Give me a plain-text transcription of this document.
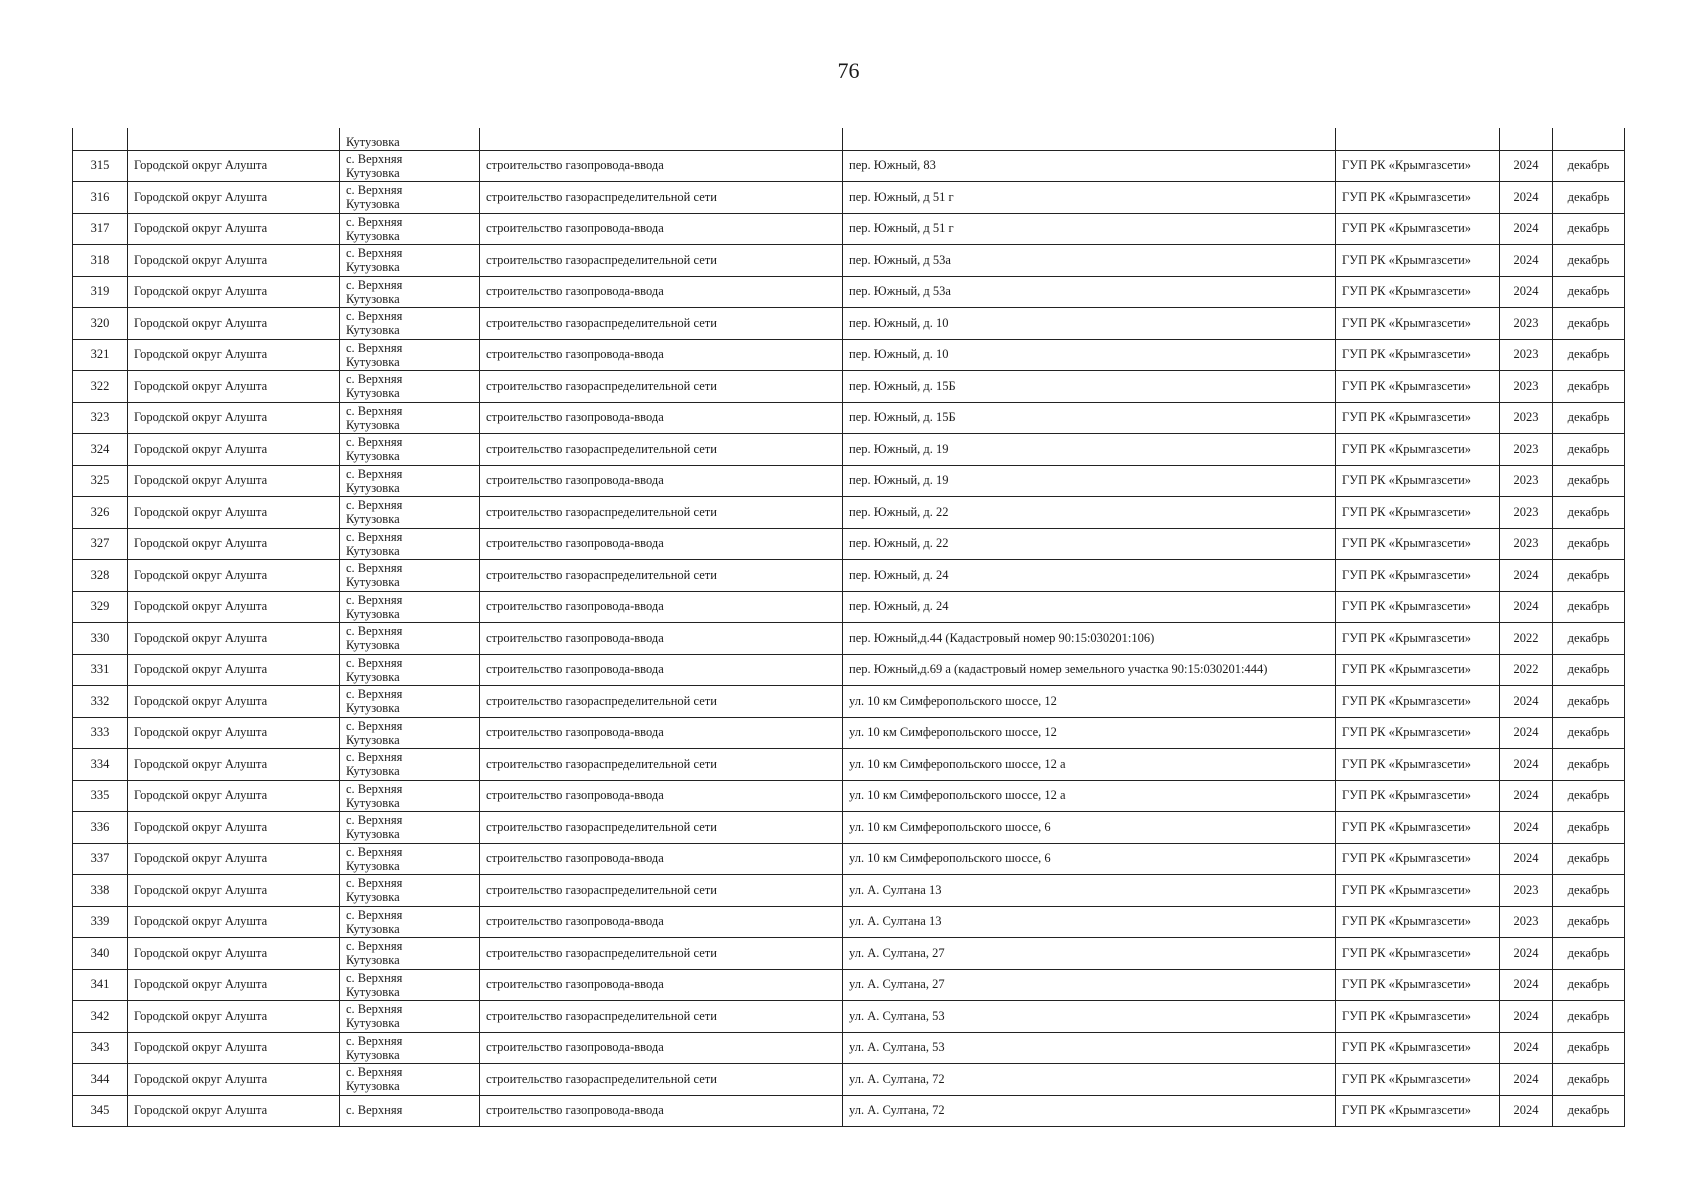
76
		Кутузовка					
315	Городской округ Алушта	с. Верхняя
Кутузовка	строительство газопровода-ввода	пер. Южный, 83	ГУП РК «Крымгазсети»	2024	декабрь
316	Городской округ Алушта	с. Верхняя
Кутузовка	строительство газораспределительной сети	пер. Южный, д 51 г	ГУП РК «Крымгазсети»	2024	декабрь
317	Городской округ Алушта	с. Верхняя
Кутузовка	строительство газопровода-ввода	пер. Южный, д 51 г	ГУП РК «Крымгазсети»	2024	декабрь
318	Городской округ Алушта	с. Верхняя
Кутузовка	строительство газораспределительной сети	пер. Южный, д 53а	ГУП РК «Крымгазсети»	2024	декабрь
319	Городской округ Алушта	с. Верхняя
Кутузовка	строительство газопровода-ввода	пер. Южный, д 53а	ГУП РК «Крымгазсети»	2024	декабрь
320	Городской округ Алушта	с. Верхняя
Кутузовка	строительство газораспределительной сети	пер. Южный, д. 10	ГУП РК «Крымгазсети»	2023	декабрь
321	Городской округ Алушта	с. Верхняя
Кутузовка	строительство газопровода-ввода	пер. Южный, д. 10	ГУП РК «Крымгазсети»	2023	декабрь
322	Городской округ Алушта	с. Верхняя
Кутузовка	строительство газораспределительной сети	пер. Южный, д. 15Б	ГУП РК «Крымгазсети»	2023	декабрь
323	Городской округ Алушта	с. Верхняя
Кутузовка	строительство газопровода-ввода	пер. Южный, д. 15Б	ГУП РК «Крымгазсети»	2023	декабрь
324	Городской округ Алушта	с. Верхняя
Кутузовка	строительство газораспределительной сети	пер. Южный, д. 19	ГУП РК «Крымгазсети»	2023	декабрь
325	Городской округ Алушта	с. Верхняя
Кутузовка	строительство газопровода-ввода	пер. Южный, д. 19	ГУП РК «Крымгазсети»	2023	декабрь
326	Городской округ Алушта	с. Верхняя
Кутузовка	строительство газораспределительной сети	пер. Южный, д. 22	ГУП РК «Крымгазсети»	2023	декабрь
327	Городской округ Алушта	с. Верхняя
Кутузовка	строительство газопровода-ввода	пер. Южный, д. 22	ГУП РК «Крымгазсети»	2023	декабрь
328	Городской округ Алушта	с. Верхняя
Кутузовка	строительство газораспределительной сети	пер. Южный, д. 24	ГУП РК «Крымгазсети»	2024	декабрь
329	Городской округ Алушта	с. Верхняя
Кутузовка	строительство газопровода-ввода	пер. Южный, д. 24	ГУП РК «Крымгазсети»	2024	декабрь
330	Городской округ Алушта	с. Верхняя
Кутузовка	строительство газопровода-ввода	пер. Южный,д.44 (Кадастровый номер 90:15:030201:106)	ГУП РК «Крымгазсети»	2022	декабрь
331	Городской округ Алушта	с. Верхняя
Кутузовка	строительство газопровода-ввода	пер. Южный,д.69 а (кадастровый номер земельного участка 90:15:030201:444)	ГУП РК «Крымгазсети»	2022	декабрь
332	Городской округ Алушта	с. Верхняя
Кутузовка	строительство газораспределительной сети	ул. 10 км Симферопольского шоссе, 12	ГУП РК «Крымгазсети»	2024	декабрь
333	Городской округ Алушта	с. Верхняя
Кутузовка	строительство газопровода-ввода	ул. 10 км Симферопольского шоссе, 12	ГУП РК «Крымгазсети»	2024	декабрь
334	Городской округ Алушта	с. Верхняя
Кутузовка	строительство газораспределительной сети	ул. 10 км Симферопольского шоссе, 12 а	ГУП РК «Крымгазсети»	2024	декабрь
335	Городской округ Алушта	с. Верхняя
Кутузовка	строительство газопровода-ввода	ул. 10 км Симферопольского шоссе, 12 а	ГУП РК «Крымгазсети»	2024	декабрь
336	Городской округ Алушта	с. Верхняя
Кутузовка	строительство газораспределительной сети	ул. 10 км Симферопольского шоссе, 6	ГУП РК «Крымгазсети»	2024	декабрь
337	Городской округ Алушта	с. Верхняя
Кутузовка	строительство газопровода-ввода	ул. 10 км Симферопольского шоссе, 6	ГУП РК «Крымгазсети»	2024	декабрь
338	Городской округ Алушта	с. Верхняя
Кутузовка	строительство газораспределительной сети	ул. А. Султана 13	ГУП РК «Крымгазсети»	2023	декабрь
339	Городской округ Алушта	с. Верхняя
Кутузовка	строительство газопровода-ввода	ул. А. Султана 13	ГУП РК «Крымгазсети»	2023	декабрь
340	Городской округ Алушта	с. Верхняя
Кутузовка	строительство газораспределительной сети	ул. А. Султана, 27	ГУП РК «Крымгазсети»	2024	декабрь
341	Городской округ Алушта	с. Верхняя
Кутузовка	строительство газопровода-ввода	ул. А. Султана, 27	ГУП РК «Крымгазсети»	2024	декабрь
342	Городской округ Алушта	с. Верхняя
Кутузовка	строительство газораспределительной сети	ул. А. Султана, 53	ГУП РК «Крымгазсети»	2024	декабрь
343	Городской округ Алушта	с. Верхняя
Кутузовка	строительство газопровода-ввода	ул. А. Султана, 53	ГУП РК «Крымгазсети»	2024	декабрь
344	Городской округ Алушта	с. Верхняя
Кутузовка	строительство газораспределительной сети	ул. А. Султана, 72	ГУП РК «Крымгазсети»	2024	декабрь
345	Городской округ Алушта	с. Верхняя	строительство газопровода-ввода	ул. А. Султана, 72	ГУП РК «Крымгазсети»	2024	декабрь
